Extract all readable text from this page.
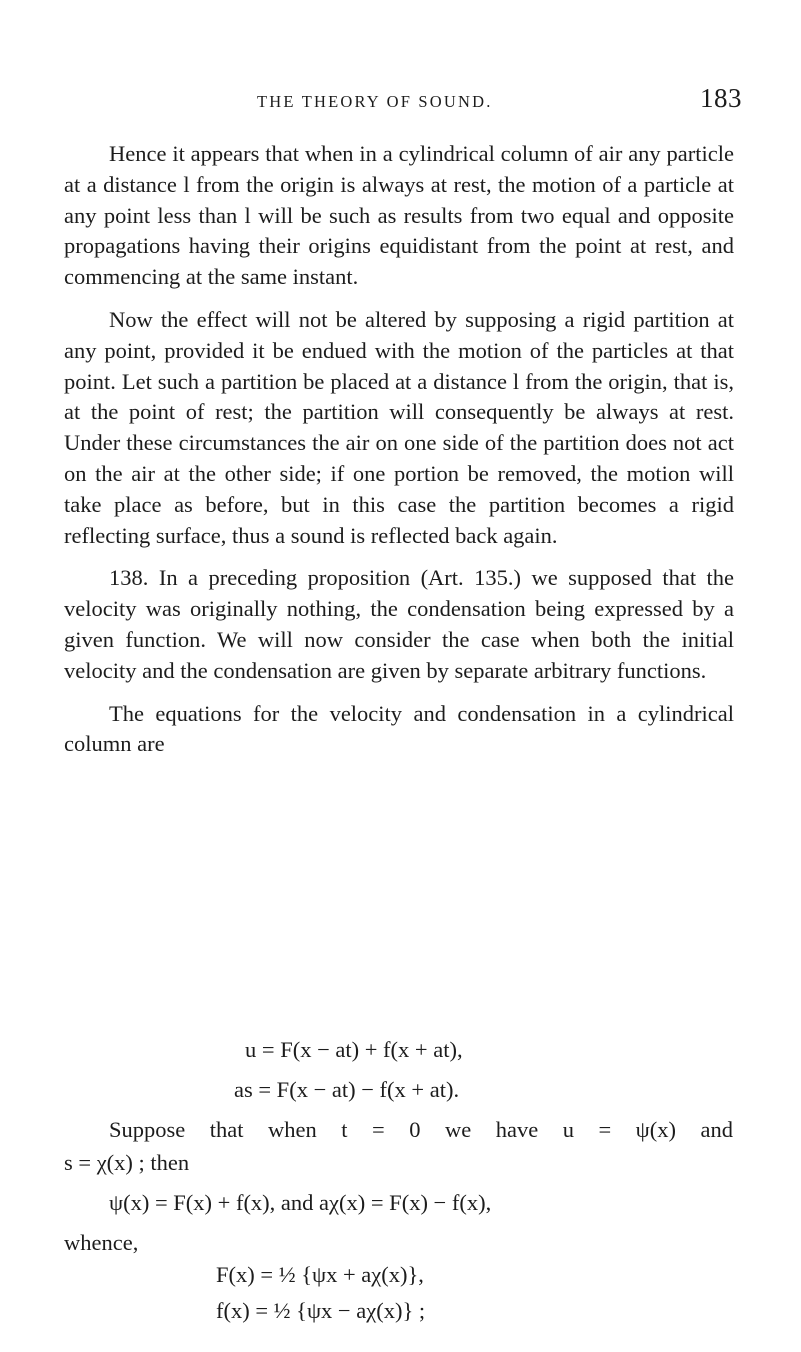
THE THEORY OF SOUND.	183

Hence it appears that when in a cylindrical column of air any particle at a distance l from the origin is always at rest, the motion of a particle at any point less than l will be such as results from two equal and opposite propagations having their origins equidistant from the point at rest, and commencing at the same instant.

Now the effect will not be altered by supposing a rigid partition at any point, provided it be endued with the motion of the particles at that point. Let such a partition be placed at a distance l from the origin, that is, at the point of rest; the partition will consequently be always at rest. Under these circumstances the air on one side of the partition does not act on the air at the other side; if one portion be removed, the motion will take place as before, but in this case the partition becomes a rigid reflecting surface, thus a sound is reflected back again.

138. In a preceding proposition (Art. 135.) we supposed that the velocity was originally nothing, the condensation being expressed by a given function. We will now consider the case when both the initial velocity and the condensation are given by separate arbitrary functions.

The equations for the velocity and condensation in a cylindrical column are

u = F(x − at) + f(x + at),
as = F(x − at) − f(x + at).
Suppose that when t = 0 we have u = ψ(x) and
s = χ(x) ; then
ψ(x) = F(x) + f(x), and aχ(x) = F(x) − f(x),
whence,
F(x) = ½ {ψx + aχ(x)},
f(x) = ½ {ψx − aχ(x)} ;
